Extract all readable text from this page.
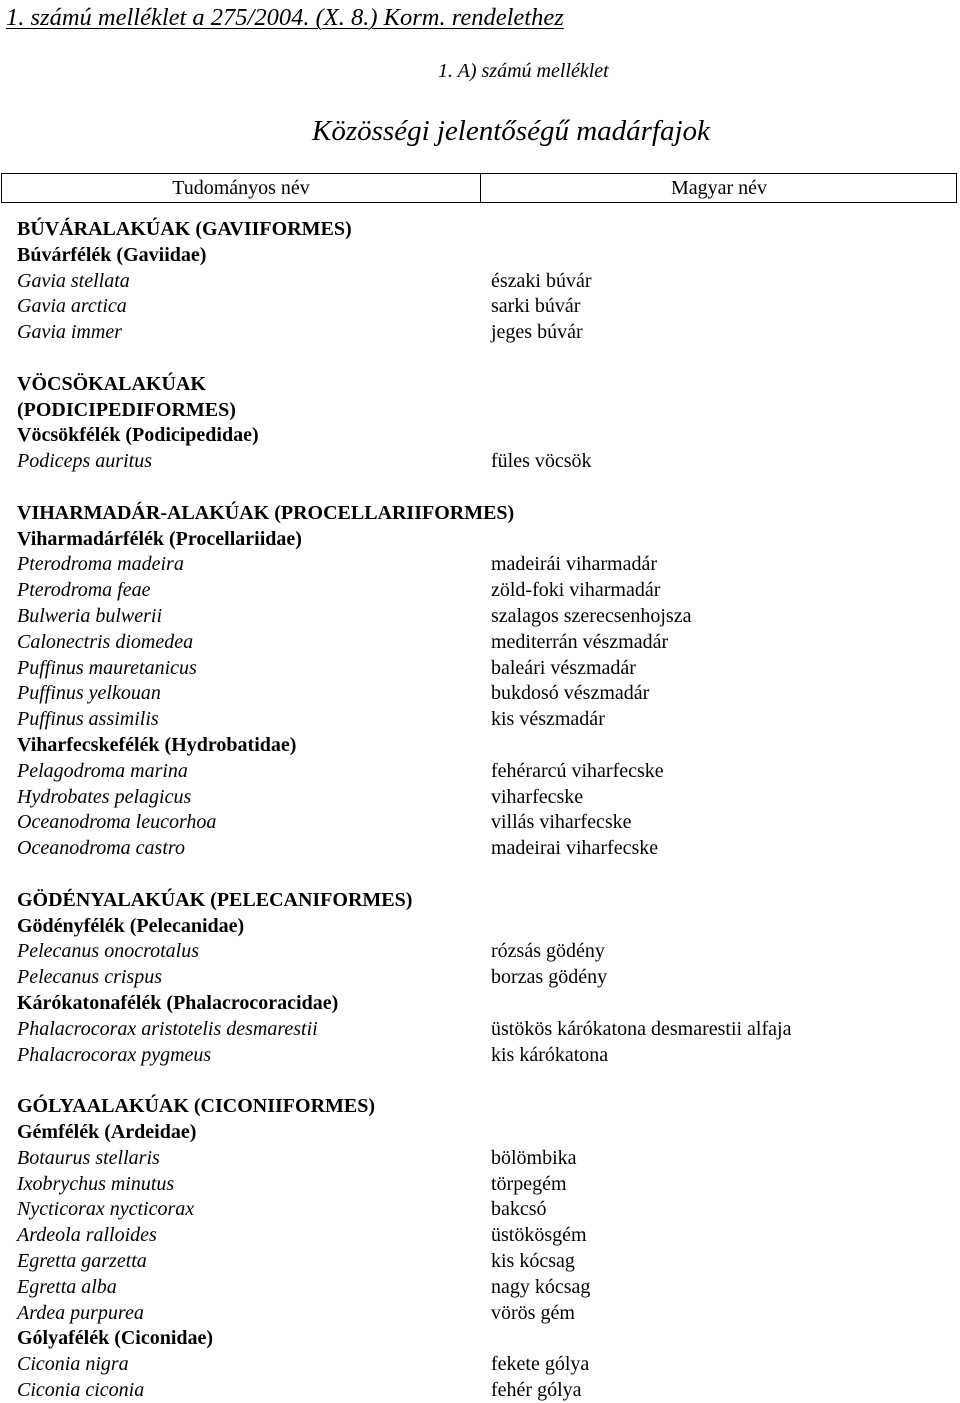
1. számú melléklet a 275/2004. (X. 8.) Korm. rendelethez
1. A) számú melléklet
Közösségi jelentőségű madárfajok
Tudományos név	Magyar név
BÚVÁRALAKÚAK (GAVIIFORMES)
Búvárfélék (Gaviidae)
Gavia stellata	északi búvár
Gavia arctica	sarki búvár
Gavia immer	jeges búvár
VÖCSÖKALAKÚAK
(PODICIPEDIFORMES)
Vöcsökfélék (Podicipedidae)
Podiceps auritus	füles vöcsök
VIHARMADÁR-ALAKÚAK (PROCELLARIIFORMES)
Viharmadárfélék (Procellariidae)
Pterodroma madeira	madeirái viharmadár
Pterodroma feae	zöld-foki viharmadár
Bulweria bulwerii	szalagos szerecsenhojsza
Calonectris diomedea	mediterrán vészmadár
Puffinus mauretanicus	baleári vészmadár
Puffinus yelkouan	bukdosó vészmadár
Puffinus assimilis	kis vészmadár
Viharfecskefélék (Hydrobatidae)
Pelagodroma marina	fehérarcú viharfecske
Hydrobates pelagicus	viharfecske
Oceanodroma leucorhoa	villás viharfecske
Oceanodroma castro	madeirai viharfecske
GÖDÉNYALAKÚAK (PELECANIFORMES)
Gödényfélék (Pelecanidae)
Pelecanus onocrotalus	rózsás gödény
Pelecanus crispus	borzas gödény
Kárókatonafélék (Phalacrocoracidae)
Phalacrocorax aristotelis desmarestii	üstökös kárókatona desmarestii alfaja
Phalacrocorax pygmeus	kis kárókatona
GÓLYAALAKÚAK (CICONIIFORMES)
Gémfélék (Ardeidae)
Botaurus stellaris	bölömbika
Ixobrychus minutus	törpegém
Nycticorax nycticorax	bakcsó
Ardeola ralloides	üstökösgém
Egretta garzetta	kis kócsag
Egretta alba	nagy kócsag
Ardea purpurea	vörös gém
Gólyafélék (Ciconidae)
Ciconia nigra	fekete gólya
Ciconia ciconia	fehér gólya
